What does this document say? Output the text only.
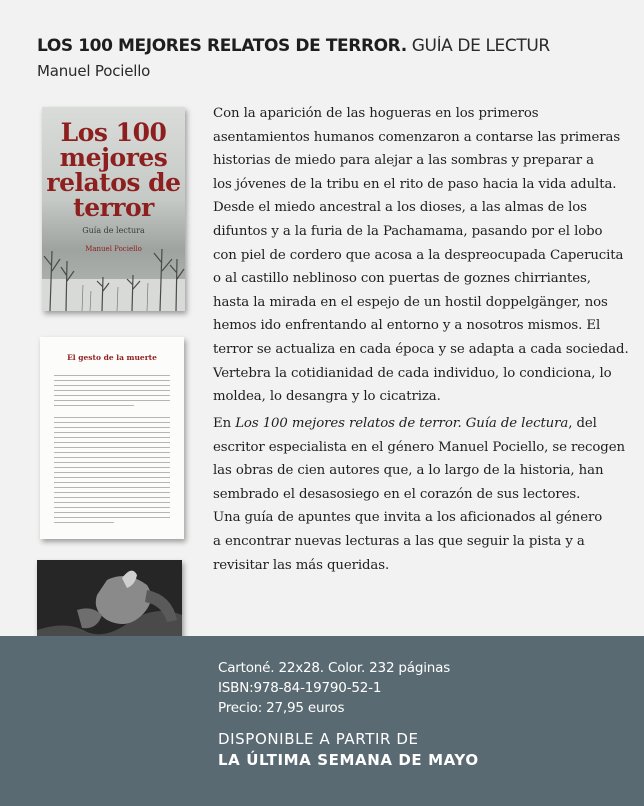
LOS 100 MEJORES RELATOS DE TERROR. GUÍA DE LECTUR
Manuel Pociello
Los 100
mejores
relatos de
terror
Guía de lectura
Manuel Pociello
El gesto de la muerte
Con la aparición de las hogueras en los primeros
asentamientos humanos comenzaron a contarse las primeras
historias de miedo para alejar a las sombras y preparar a
los jóvenes de la tribu en el rito de paso hacia la vida adulta.
Desde el miedo ancestral a los dioses, a las almas de los
difuntos y a la furia de la Pachamama, pasando por el lobo
con piel de cordero que acosa a la despreocupada Caperucita
o al castillo neblinoso con puertas de goznes chirriantes,
hasta la mirada en el espejo de un hostil doppelgänger, nos
hemos ido enfrentando al entorno y a nosotros mismos. El
terror se actualiza en cada época y se adapta a cada sociedad.
Vertebra la cotidianidad de cada individuo, lo condiciona, lo
moldea, lo desangra y lo cicatriza.
En Los 100 mejores relatos de terror. Guía de lectura, del
escritor especialista en el género Manuel Pociello, se recogen
las obras de cien autores que, a lo largo de la historia, han
sembrado el desasosiego en el corazón de sus lectores.
Una guía de apuntes que invita a los aficionados al género
a encontrar nuevas lecturas a las que seguir la pista y a
revisitar las más queridas.
Cartoné. 22x28. Color. 232 páginas
ISBN:978-84-19790-52-1
Precio: 27,95 euros
DISPONIBLE A PARTIR DE
LA ÚLTIMA SEMANA DE MAYO
